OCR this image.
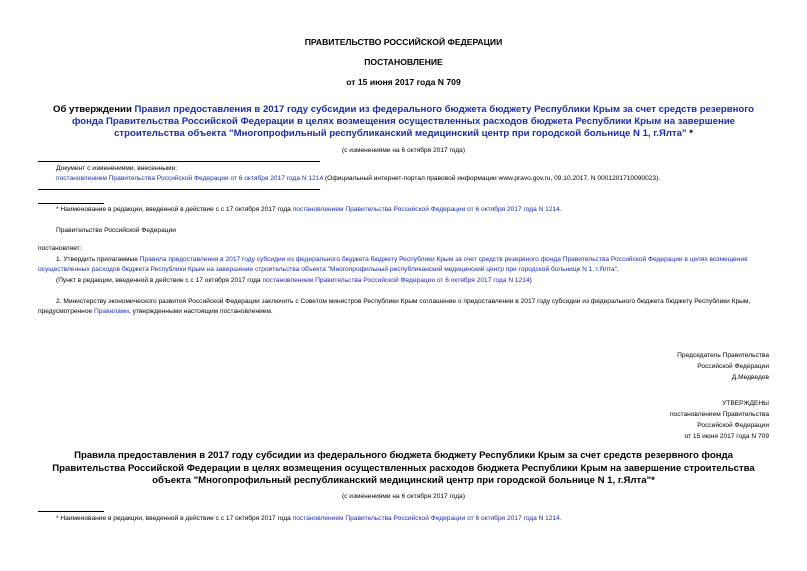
ПРАВИТЕЛЬСТВО РОССИЙСКОЙ ФЕДЕРАЦИИ
ПОСТАНОВЛЕНИЕ
от 15 июня 2017 года N 709
Об утверждении Правил предоставления в 2017 году субсидии из федерального бюджета бюджету Республики Крым за счет средств резервного фонда Правительства Российской Федерации в целях возмещения осуществленных расходов бюджета Республики Крым на завершение строительства объекта "Многопрофильный республиканский медицинский центр при городской больнице N 1, г.Ялта" *
(с изменениями на 6 октября 2017 года)
Документ с изменениями, внесенными:
постановлением Правительства Российской Федерации от 6 октября 2017 года N 1214 (Официальный интернет-портал правовой информации www.pravo.gov.ru, 09.10.2017, N 0001201710090023).
* Наименование в редакции, введенной в действие с с 17 октября 2017 года постановлением Правительства Российской Федерации от 6 октября 2017 года N 1214.
Правительство Российской Федерации
постановляет:
1. Утвердить прилагаемые Правила предоставления в 2017 году субсидии из федерального бюджета бюджету Республики Крым за счет средств резервного фонда Правительства Российской Федерации в целях возмещения осуществленных расходов бюджета Республики Крым на завершение строительства объекта "Многопрофильный республиканский медицинский центр при городской больнице N 1, г.Ялта".
(Пункт в редакции, введенной в действие с с 17 октября 2017 года постановлением Правительства Российской Федерации от 6 октября 2017 года N 1214)
2. Министерству экономического развития Российской Федерации заключить с Советом министров Республики Крым соглашение о предоставлении в 2017 году субсидии из федерального бюджета бюджету Республики Крым, предусмотренное Правилами, утвержденными настоящим постановлением.
Председатель Правительства
Российской Федерации
Д.Медведев
УТВЕРЖДЕНЫ
постановлением Правительства
Российской Федерации
от 15 июня 2017 года N 709
Правила предоставления в 2017 году субсидии из федерального бюджета бюджету Республики Крым за счет средств резервного фонда Правительства Российской Федерации в целях возмещения осуществленных расходов бюджета Республики Крым на завершение строительства объекта "Многопрофильный республиканский медицинский центр при городской больнице N 1, г.Ялта"*
(с изменениями на 6 октября 2017 года)
* Наименование в редакции, введенной в действие с с 17 октября 2017 года постановлением Правительства Российской Федерации от 6 октября 2017 года N 1214.
